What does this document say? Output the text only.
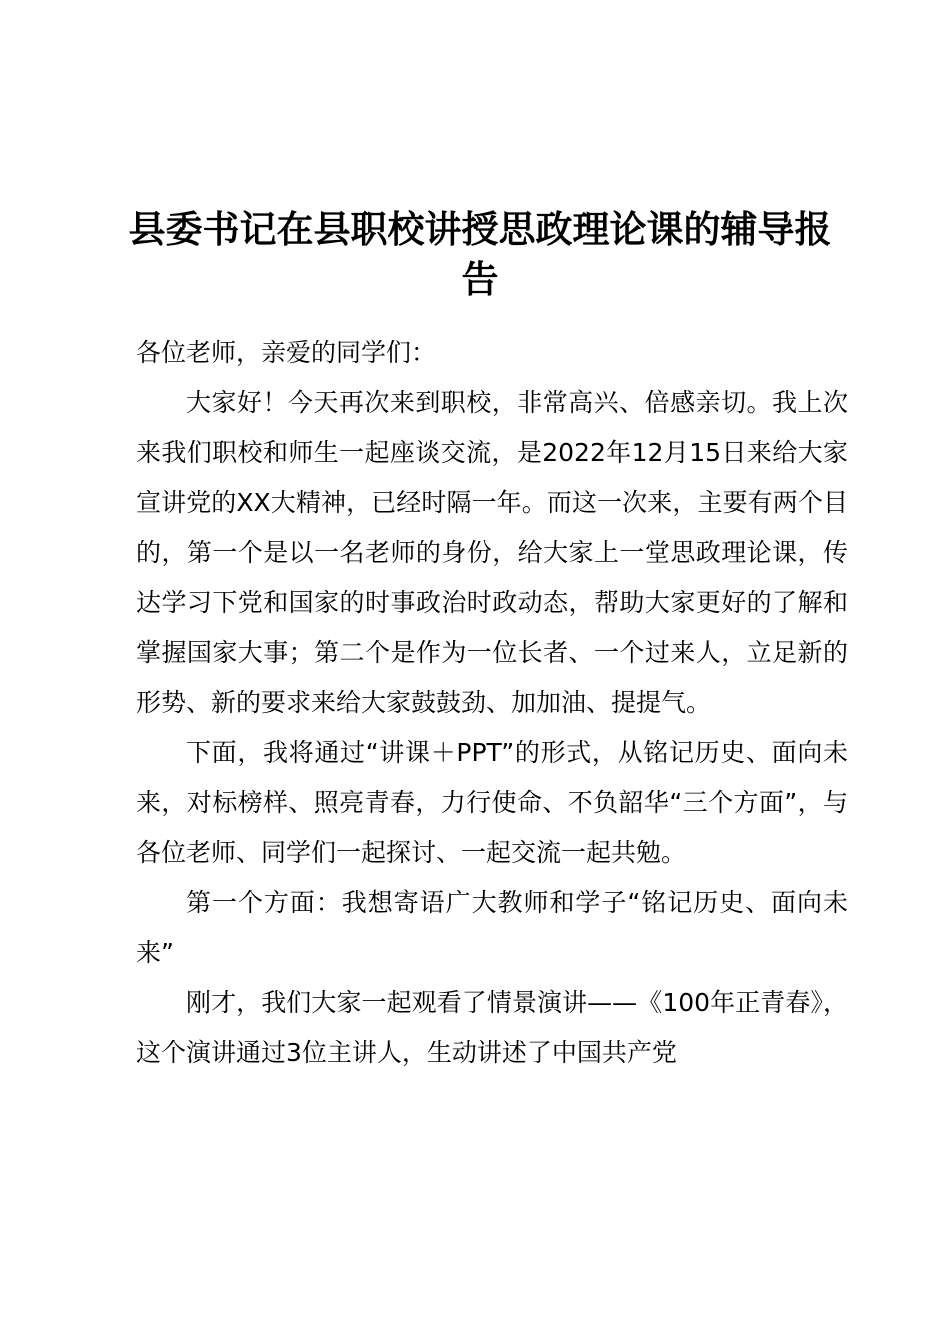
县委书记在县职校讲授思政理论课的辅导报告

各位老师，亲爱的同学们：

大家好！今天再次来到职校，非常高兴、倍感亲切。我上次来我们职校和师生一起座谈交流，是2022年12月15日来给大家宣讲党的XX大精神，已经时隔一年。而这一次来，主要有两个目的，第一个是以一名老师的身份，给大家上一堂思政理论课，传达学习下党和国家的时事政治时政动态，帮助大家更好的了解和掌握国家大事；第二个是作为一位长者、一个过来人，立足新的形势、新的要求来给大家鼓鼓劲、加加油、提提气。

下面，我将通过“讲课＋PPT”的形式，从铭记历史、面向未来，对标榜样、照亮青春，力行使命、不负韶华“三个方面”，与各位老师、同学们一起探讨、一起交流一起共勉。

第一个方面：我想寄语广大教师和学子“铭记历史、面向未来”

刚才，我们大家一起观看了情景演讲——《100年正青春》，这个演讲通过3位主讲人，生动讲述了中国共产党
